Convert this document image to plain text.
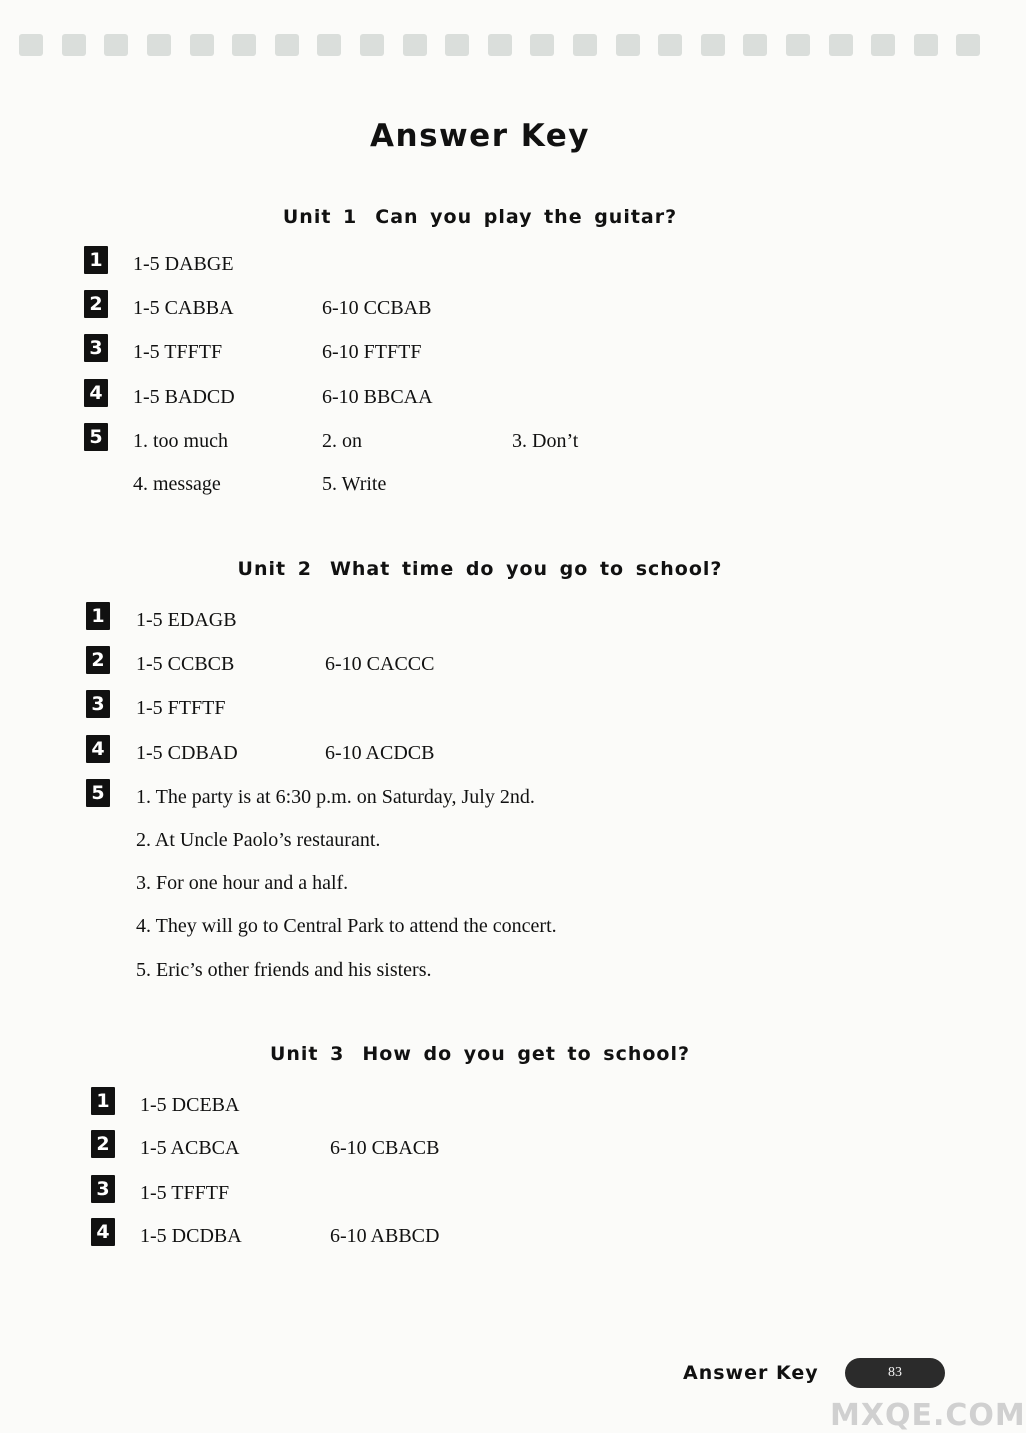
Answer Key
Unit 1 Can you play the guitar?
1 1-5 DABGE
2 1-5 CABBA	6-10 CCBAB
3 1-5 TFFTF	6-10 FTFTF
4 1-5 BADCD	6-10 BBCAA
5 1. too much	2. on	3. Don’t
4. message	5. Write
Unit 2 What time do you go to school?
1 1-5 EDAGB
2 1-5 CCBCB	6-10 CACCC
3 1-5 FTFTF
4 1-5 CDBAD	6-10 ACDCB
5 1. The party is at 6:30 p.m. on Saturday, July 2nd.
2. At Uncle Paolo’s restaurant.
3. For one hour and a half.
4. They will go to Central Park to attend the concert.
5. Eric’s other friends and his sisters.
Unit 3 How do you get to school?
1 1-5 DCEBA
2 1-5 ACBCA	6-10 CBACB
3 1-5 TFFTF
4 1-5 DCDBA	6-10 ABBCD
Answer Key	83
MXQE.COM
